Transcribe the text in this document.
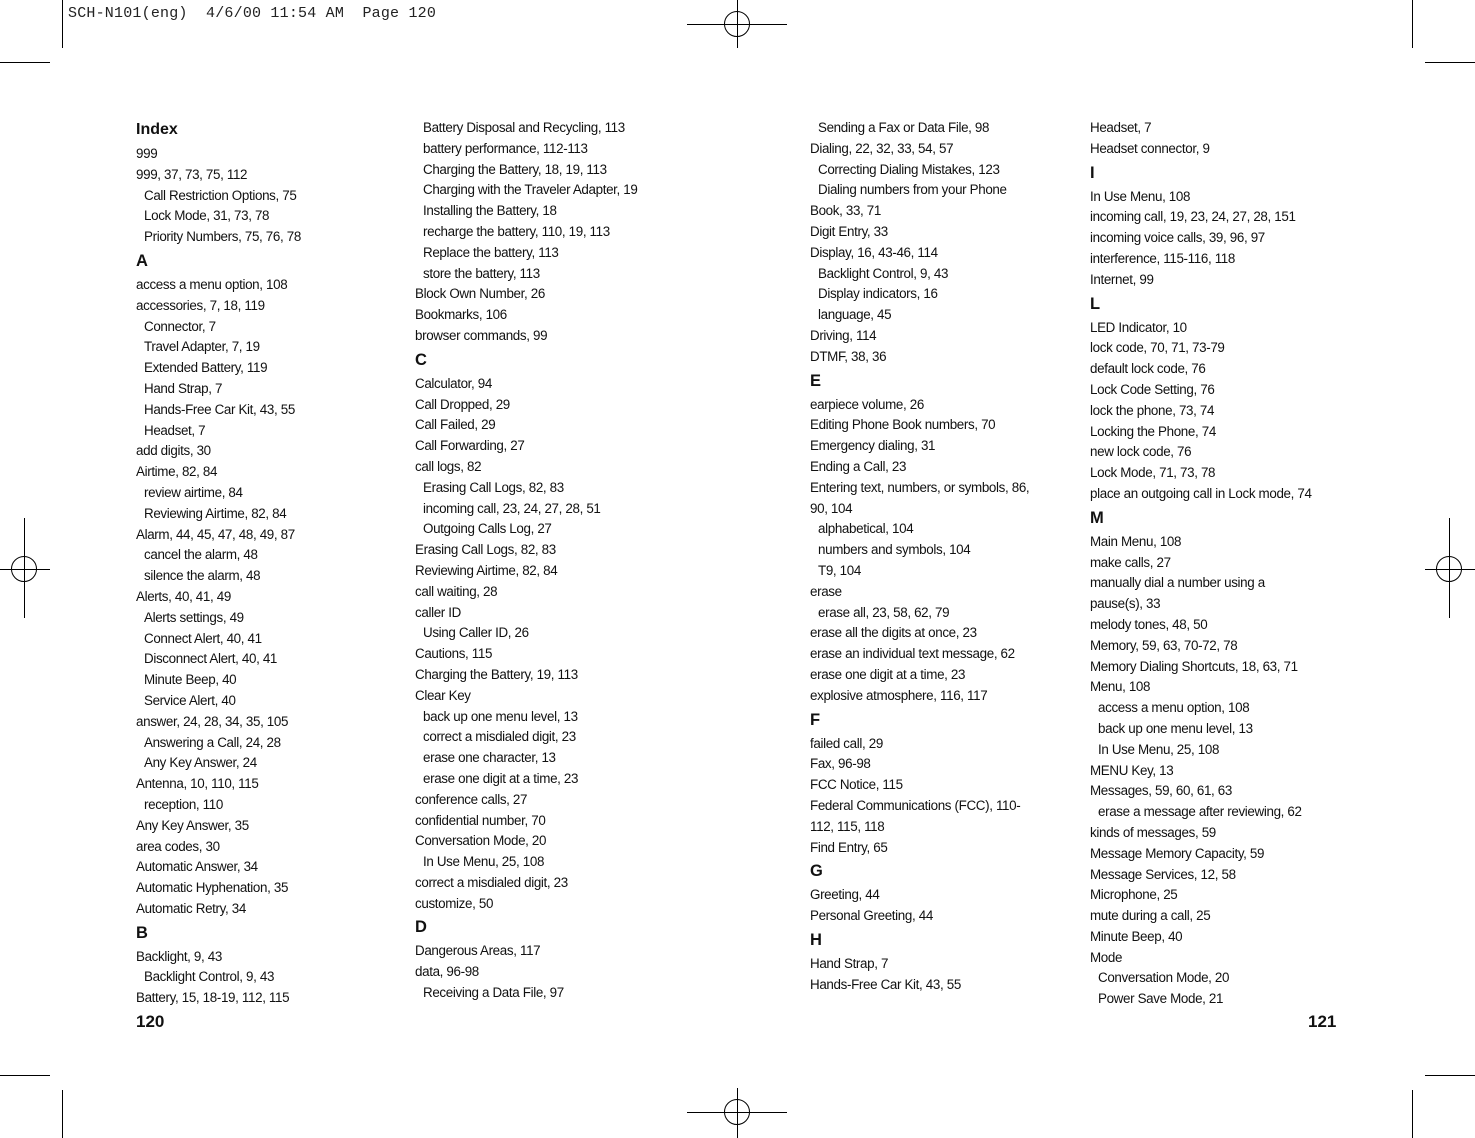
SCH-N101(eng)  4/6/00 11:54 AM  Page 120
Index
999
999, 37, 73, 75, 112
Call Restriction Options, 75
Lock Mode, 31, 73, 78
Priority Numbers, 75, 76, 78
A
access a menu option, 108
accessories, 7, 18, 119
Connector, 7
Travel Adapter, 7, 19
Extended Battery, 119
Hand Strap, 7
Hands-Free Car Kit, 43, 55
Headset, 7
add digits, 30
Airtime, 82, 84
review airtime, 84
Reviewing Airtime, 82, 84
Alarm, 44, 45, 47, 48, 49, 87
cancel the alarm, 48
silence the alarm, 48
Alerts, 40, 41, 49
Alerts settings, 49
Connect Alert, 40, 41
Disconnect Alert, 40, 41
Minute Beep, 40
Service Alert, 40
answer, 24, 28, 34, 35, 105
Answering a Call, 24, 28
Any Key Answer, 24
Antenna, 10, 110, 115
reception, 110
Any Key Answer, 35
area codes, 30
Automatic Answer, 34
Automatic Hyphenation, 35
Automatic Retry, 34
B
Backlight, 9, 43
Backlight Control, 9, 43
Battery, 15, 18-19, 112, 115
Battery Disposal and Recycling, 113
battery performance, 112-113
Charging the Battery, 18, 19, 113
Charging with the Traveler Adapter, 19
Installing the Battery, 18
recharge the battery, 110, 19, 113
Replace the battery, 113
store the battery, 113
Block Own Number, 26
Bookmarks, 106
browser commands, 99
C
Calculator, 94
Call Dropped, 29
Call Failed, 29
Call Forwarding, 27
call logs, 82
Erasing Call Logs, 82, 83
incoming call, 23, 24, 27, 28, 51
Outgoing Calls Log, 27
Erasing Call Logs, 82, 83
Reviewing Airtime, 82, 84
call waiting, 28
caller ID
Using Caller ID, 26
Cautions, 115
Charging the Battery, 19, 113
Clear Key
back up one menu level, 13
correct a misdialed digit, 23
erase one character, 13
erase one digit at a time, 23
conference calls, 27
confidential number, 70
Conversation Mode, 20
In Use Menu, 25, 108
correct a misdialed digit, 23
customize, 50
D
Dangerous Areas, 117
data, 96-98
Receiving a Data File, 97
Sending a Fax or Data File, 98
Dialing, 22, 32, 33, 54, 57
Correcting Dialing Mistakes, 123
Dialing numbers from your Phone
Book, 33, 71
Digit Entry, 33
Display, 16, 43-46, 114
Backlight Control, 9, 43
Display indicators, 16
language, 45
Driving, 114
DTMF, 38, 36
E
earpiece volume, 26
Editing Phone Book numbers, 70
Emergency dialing, 31
Ending a Call, 23
Entering text, numbers, or symbols, 86,
90, 104
alphabetical, 104
numbers and symbols, 104
T9, 104
erase
erase all, 23, 58, 62, 79
erase all the digits at once, 23
erase an individual text message, 62
erase one digit at a time, 23
explosive atmosphere, 116, 117
F
failed call, 29
Fax, 96-98
FCC Notice, 115
Federal Communications (FCC), 110-
112, 115, 118
Find Entry, 65
G
Greeting, 44
Personal Greeting, 44
H
Hand Strap, 7
Hands-Free Car Kit, 43, 55
Headset, 7
Headset connector, 9
I
In Use Menu, 108
incoming call, 19, 23, 24, 27, 28, 151
incoming voice calls, 39, 96, 97
interference, 115-116, 118
Internet, 99
L
LED Indicator, 10
lock code, 70, 71, 73-79
default lock code, 76
Lock Code Setting, 76
lock the phone, 73, 74
Locking the Phone, 74
new lock code, 76
Lock Mode, 71, 73, 78
place an outgoing call in Lock mode, 74
M
Main Menu, 108
make calls, 27
manually dial a number using a
pause(s), 33
melody tones, 48, 50
Memory, 59, 63, 70-72, 78
Memory Dialing Shortcuts, 18, 63, 71
Menu, 108
access a menu option, 108
back up one menu level, 13
In Use Menu, 25, 108
MENU Key, 13
Messages, 59, 60, 61, 63
erase a message after reviewing, 62
kinds of messages, 59
Message Memory Capacity, 59
Message Services, 12, 58
Microphone, 25
mute during a call, 25
Minute Beep, 40
Mode
Conversation Mode, 20
Power Save Mode, 21
120	121
